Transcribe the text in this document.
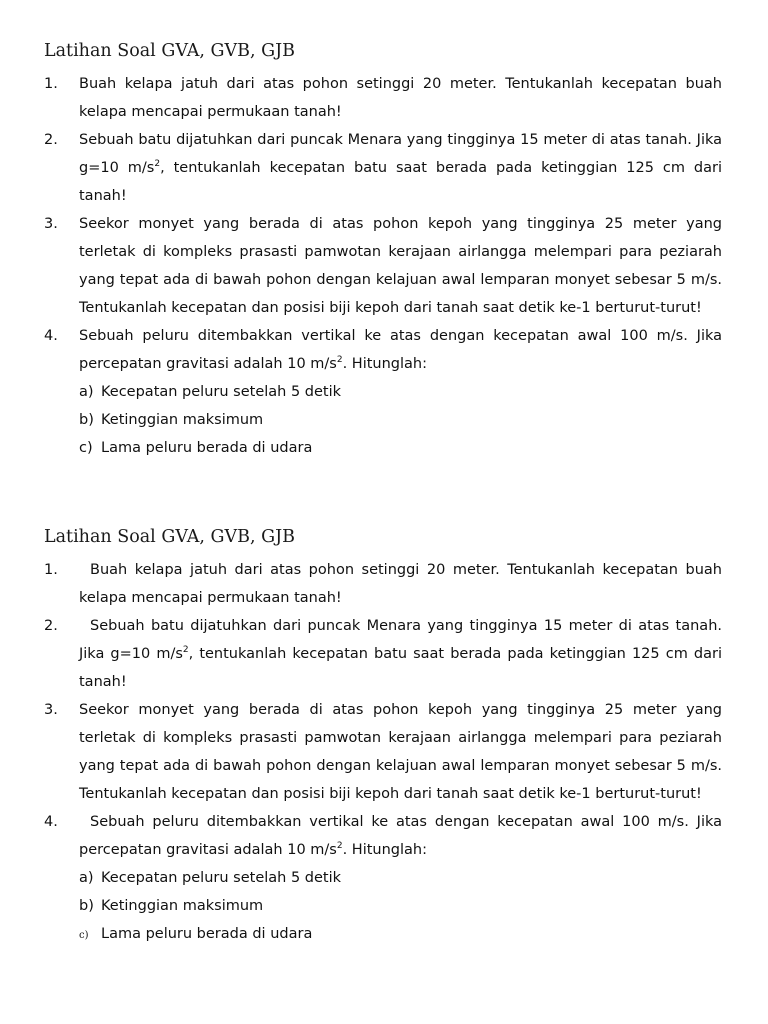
Latihan Soal GVA, GVB, GJB
1.	Buah kelapa jatuh dari atas pohon setinggi 20 meter. Tentukanlah kecepatan buah kelapa mencapai permukaan tanah!
2.	Sebuah batu dijatuhkan dari puncak Menara yang tingginya 15 meter di atas tanah. Jika g=10 $m/s^2$, tentukanlah kecepatan batu saat berada pada ketinggian 125 cm dari tanah!
3.	Seekor monyet yang berada di atas pohon kepoh yang tingginya 25 meter yang terletak di kompleks prasasti pamwotan kerajaan airlangga melempari para peziarah yang tepat ada di bawah pohon dengan kelajuan awal lemparan monyet sebesar 5 m/s. Tentukanlah kecepatan dan posisi biji kepoh dari tanah saat detik ke-1 berturut-turut!
4.	Sebuah peluru ditembakkan vertikal ke atas dengan kecepatan awal 100 m/s. Jika percepatan gravitasi adalah 10 $m/s^2$. Hitunglah:
a) Kecepatan peluru setelah 5 detik
b) Ketinggian maksimum
c) Lama peluru berada di udara
Latihan Soal GVA, GVB, GJB
1.	Buah kelapa jatuh dari atas pohon setinggi 20 meter. Tentukanlah kecepatan buah kelapa mencapai permukaan tanah!
2.	Sebuah batu dijatuhkan dari puncak Menara yang tingginya 15 meter di atas tanah. Jika g=10 $m/s^2$, tentukanlah kecepatan batu saat berada pada ketinggian 125 cm dari tanah!
3.	Seekor monyet yang berada di atas pohon kepoh yang tingginya 25 meter yang terletak di kompleks prasasti pamwotan kerajaan airlangga melempari para peziarah yang tepat ada di bawah pohon dengan kelajuan awal lemparan monyet sebesar 5 m/s. Tentukanlah kecepatan dan posisi biji kepoh dari tanah saat detik ke-1 berturut-turut!
4.	Sebuah peluru ditembakkan vertikal ke atas dengan kecepatan awal 100 m/s. Jika percepatan gravitasi adalah 10 $m/s^2$. Hitunglah:
a) Kecepatan peluru setelah 5 detik
b) Ketinggian maksimum
c) Lama peluru berada di udara
